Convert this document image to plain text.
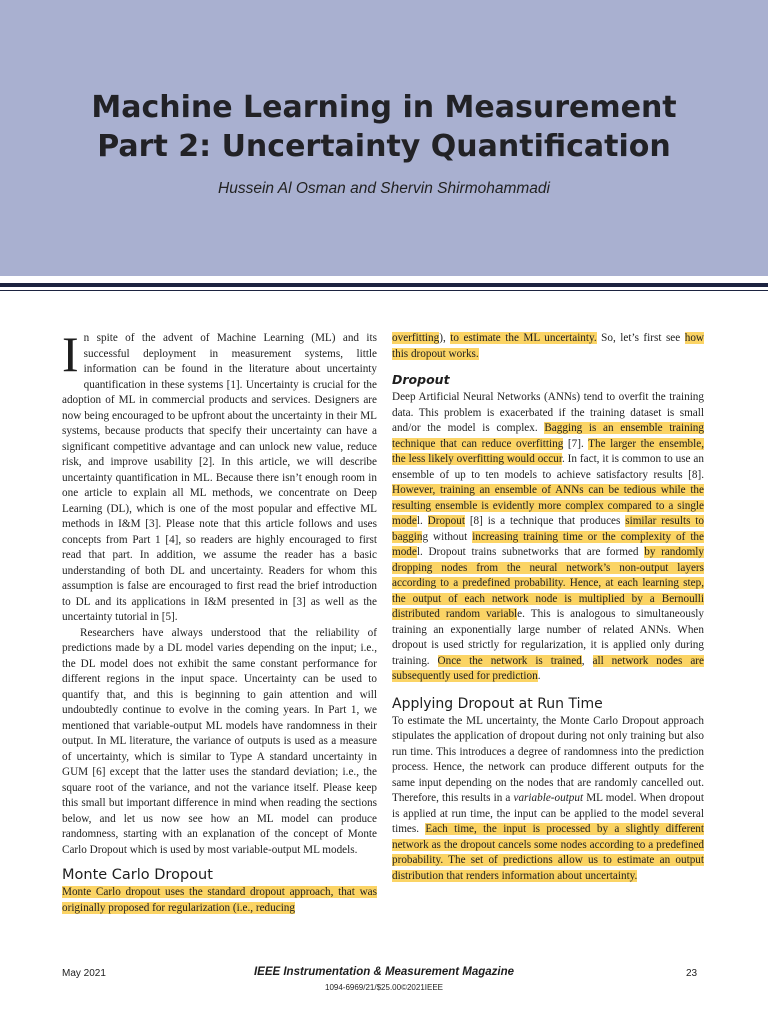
Machine Learning in Measurement
Part 2: Uncertainty Quantification
Hussein Al Osman and Shervin Shirmohammadi

In spite of the advent of Machine Learning (ML) and its successful deployment in measurement systems, little information can be found in the literature about uncertainty quantification in these systems [1]. Uncertainty is crucial for the adoption of ML in commercial products and services. Designers are now being encouraged to be upfront about the uncertainty in their ML systems, because products that specify their uncertainty can have a significant competitive advantage and can unlock new value, reduce risk, and improve usability [2]. In this article, we will describe uncertainty quantification in ML. Because there isn’t enough room in one article to explain all ML methods, we concentrate on Deep Learning (DL), which is one of the most popular and effective ML methods in I&M [3]. Please note that this article follows and uses concepts from Part 1 [4], so readers are highly encouraged to first read that part. In addition, we assume the reader has a basic understanding of both DL and uncertainty. Readers for whom this assumption is false are encouraged to first read the brief introduction to DL and its applications in I&M presented in [3] as well as the uncertainty tutorial in [5].

Researchers have always understood that the reliability of predictions made by a DL model varies depending on the input; i.e., the DL model does not exhibit the same constant performance for different regions in the input space. Uncertainty can be used to quantify that, and this is beginning to gain attention and will undoubtedly continue to evolve in the coming years. In Part 1, we mentioned that variable-output ML models have randomness in their output. In ML literature, the variance of outputs is used as a measure of uncertainty, which is similar to Type A standard uncertainty in GUM [6] except that the latter uses the standard deviation; i.e., the square root of the variance, and not the variance itself. Please keep this small but important difference in mind when reading the sections below, and let us now see how an ML model can produce randomness, starting with an explanation of the concept of Monte Carlo Dropout which is used by most variable-output ML models.

Monte Carlo Dropout

Monte Carlo dropout uses the standard dropout approach, that was originally proposed for regularization (i.e., reducing

overfitting), to estimate the ML uncertainty. So, let’s first see how this dropout works.

Dropout

Deep Artificial Neural Networks (ANNs) tend to overfit the training data. This problem is exacerbated if the training dataset is small and/or the model is complex. Bagging is an ensemble training technique that can reduce overfitting [7]. The larger the ensemble, the less likely overfitting would occur. In fact, it is common to use an ensemble of up to ten models to achieve satisfactory results [8]. However, training an ensemble of ANNs can be tedious while the resulting ensemble is evidently more complex compared to a single model. Dropout [8] is a technique that produces similar results to bagging without increasing training time or the complexity of the model. Dropout trains subnetworks that are formed by randomly dropping nodes from the neural network’s non-output layers according to a predefined probability. Hence, at each learning step, the output of each network node is multiplied by a Bernoulli distributed random variable. This is analogous to simultaneously training an exponentially large number of related ANNs. When dropout is used strictly for regularization, it is applied only during training. Once the network is trained, all network nodes are subsequently used for prediction.

Applying Dropout at Run Time

To estimate the ML uncertainty, the Monte Carlo Dropout approach stipulates the application of dropout during not only training but also run time. This introduces a degree of randomness into the prediction process. Hence, the network can produce different outputs for the same input depending on the nodes that are randomly cancelled out. Therefore, this results in a variable-output ML model. When dropout is applied at run time, the input can be applied to the model several times. Each time, the input is processed by a slightly different network as the dropout cancels some nodes according to a predefined probability. The set of predictions allow us to estimate an output distribution that renders information about uncertainty.

May 2021	IEEE Instrumentation & Measurement Magazine	23
1094-6969/21/$25.00©2021IEEE
